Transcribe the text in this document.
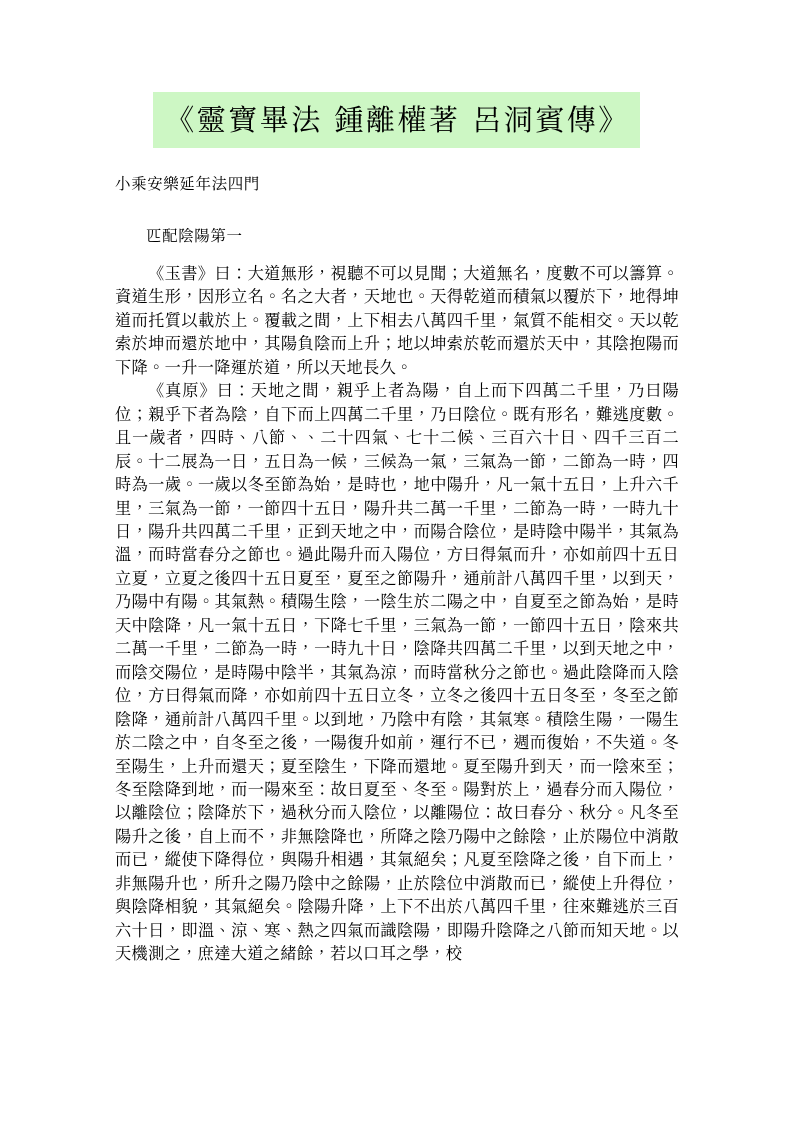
《靈寶畢法 鍾離權著 呂洞賓傳》
小乘安樂延年法四門
匹配陰陽第一

《玉書》曰：大道無形，視聽不可以見聞；大道無名，度數不可以籌算。資道生形，因形立名。名之大者，天地也。天得乾道而積氣以覆於下，地得坤道而托質以載於上。覆載之間，上下相去八萬四千里，氣質不能相交。天以乾索於坤而還於地中，其陽負陰而上升；地以坤索於乾而還於天中，其陰抱陽而下降。一升一降運於道，所以天地長久。

《真原》曰：天地之間，親乎上者為陽，自上而下四萬二千里，乃曰陽位；親乎下者為陰，自下而上四萬二千里，乃曰陰位。既有形名，難逃度數。且一歲者，四時、八節、、二十四氣、七十二候、三百六十日、四千三百二辰。十二展為一日，五日為一候，三候為一氣，三氣為一節，二節為一時，四時為一歲。一歲以冬至節為始，是時也，地中陽升，凡一氣十五日，上升六千里，三氣為一節，一節四十五日，陽升共二萬一千里，二節為一時，一時九十日，陽升共四萬二千里，正到天地之中，而陽合陰位，是時陰中陽半，其氣為溫，而時當春分之節也。過此陽升而入陽位，方曰得氣而升，亦如前四十五日立夏，立夏之後四十五日夏至，夏至之節陽升，通前計八萬四千里，以到天，乃陽中有陽。其氣熱。積陽生陰，一陰生於二陽之中，自夏至之節為始，是時天中陰降，凡一氣十五日，下降七千里，三氣為一節，一節四十五日，陰來共二萬一千里，二節為一時，一時九十日，陰降共四萬二千里，以到天地之中，而陰交陽位，是時陽中陰半，其氣為涼，而時當秋分之節也。過此陰降而入陰位，方曰得氣而降，亦如前四十五日立冬，立冬之後四十五日冬至，冬至之節陰降，通前計八萬四千里。以到地，乃陰中有陰，其氣寒。積陰生陽，一陽生於二陰之中，自冬至之後，一陽復升如前，運行不已，週而復始，不失道。冬至陽生，上升而還天；夏至陰生，下降而還地。夏至陽升到天，而一陰來至；冬至陰降到地，而一陽來至：故曰夏至、冬至。陽對於上，過春分而入陽位，以離陰位；陰降於下，過秋分而入陰位，以離陽位：故曰春分、秋分。凡冬至陽升之後，自上而不，非無陰降也，所降之陰乃陽中之餘陰，止於陽位中消散而已，縱使下降得位，與陽升相遇，其氣絕矣；凡夏至陰降之後，自下而上，非無陽升也，所升之陽乃陰中之餘陽，止於陰位中消散而已，縱使上升得位，與陰降相貌，其氣絕矣。陰陽升降，上下不出於八萬四千里，往來難逃於三百六十日，即溫、涼、寒、熱之四氣而識陰陽，即陽升陰降之八節而知天地。以天機測之，庶達大道之緒餘，若以口耳之學，校
